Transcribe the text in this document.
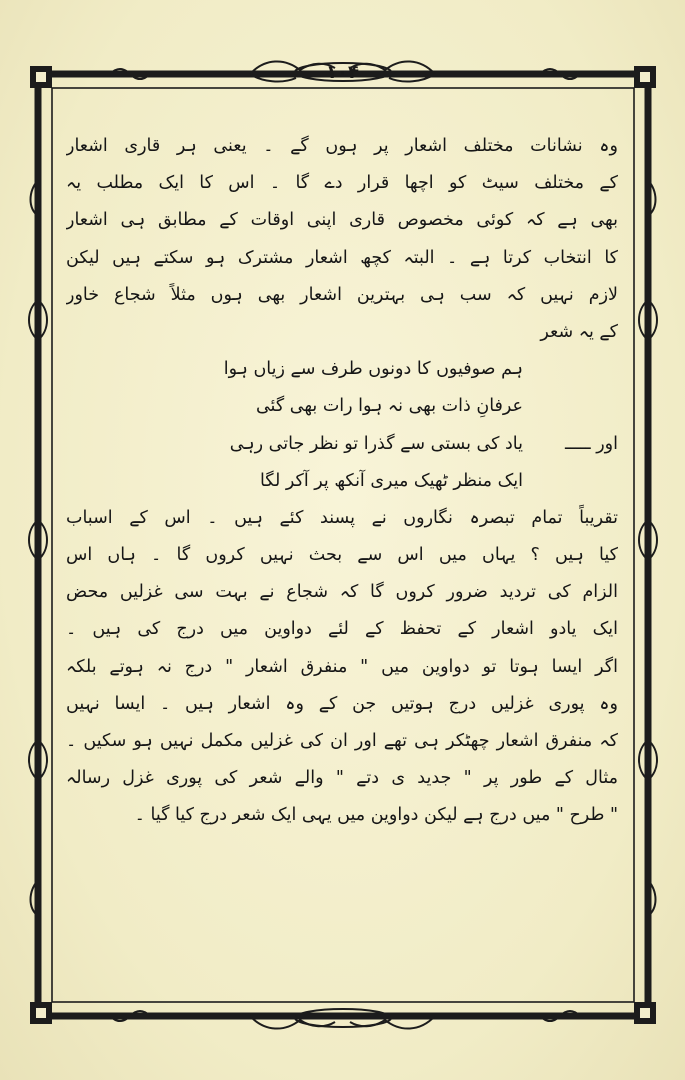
۱۰۴
وہ نشانات مختلف اشعار پر ہوں گے ۔ یعنی ہر قاری اشعار
کے مختلف سیٹ کو اچھا قرار دے گا ۔ اس کا ایک مطلب یہ
بھی ہے کہ کوئی مخصوص قاری اپنی اوقات کے مطابق ہی اشعار
کا انتخاب کرتا ہے ۔ البتہ کچھ اشعار مشترک ہو سکتے ہیں لیکن
لازم نہیں کہ سب ہی بہترین اشعار بھی ہوں مثلاً شجاع خاور
کے یہ شعر
ہم صوفیوں کا دونوں طرف سے زیاں ہوا
عرفانِ ذات بھی نہ ہوا رات بھی گئی
اور ـــــ
یاد کی بستی سے گذرا تو نظر جاتی رہی
ایک منظر ٹھیک میری آنکھ پر آکر لگا
تقریباً تمام تبصرہ نگاروں نے پسند کئے ہیں ۔ اس کے اسباب
کیا ہیں ؟ یہاں میں اس سے بحث نہیں کروں گا ۔ ہاں اس
الزام کی تردید ضرور کروں گا کہ شجاع نے بہت سی غزلیں محض
ایک یادو اشعار کے تحفظ کے لئے دواوین میں درج کی ہیں ۔
اگر ایسا ہوتا تو دواوین میں " منفرق اشعار " درج نہ ہوتے بلکہ
وہ پوری غزلیں درج ہوتیں جن کے وہ اشعار ہیں ۔ ایسا نہیں
کہ منفرق اشعار چھٹکر ہی تھے اور ان کی غزلیں مکمل نہیں ہو سکیں ۔
مثال کے طور پر " جدید ی دتے " والے شعر کی پوری غزل رسالہ
" طرح " میں درج ہے لیکن دواوین میں یہی ایک شعر درج کیا گیا ۔
